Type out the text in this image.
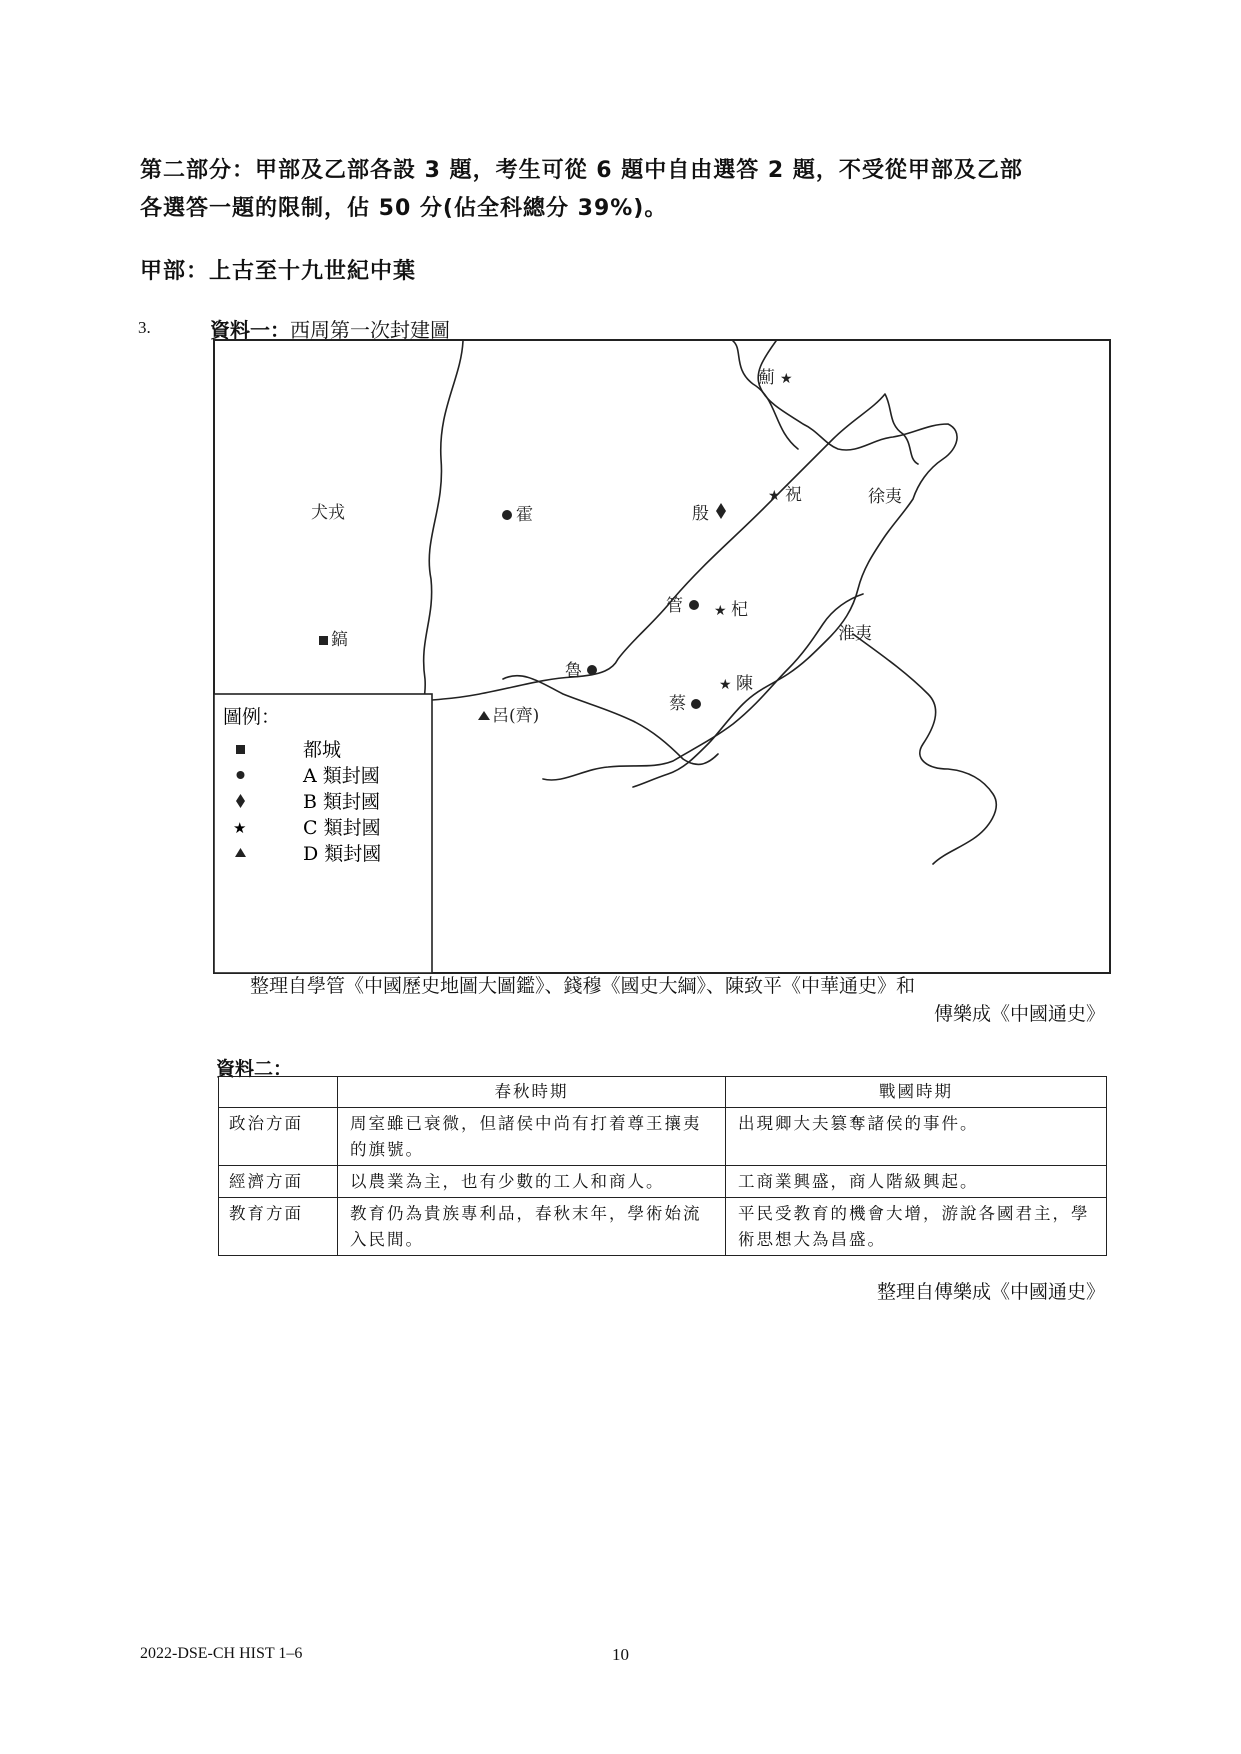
第二部分：甲部及乙部各設 3 題，考生可從 6 題中自由選答 2 題，不受從甲部及乙部
各選答一題的限制，佔 50 分(佔全科總分 39%)。
甲部：上古至十九世紀中葉
3.	資料一：西周第一次封建圖
圖例：
都城
A 類封國
B 類封國
★	C 類封國
D 類封國
薊 ★
霍
犬戎	殷
★ 祝	徐夷
管 ★ 杞
淮夷
鎬
魯
★ 陳
呂(齊)
蔡
整理自學管《中國歷史地圖大圖鑑》、錢穆《國史大綱》、陳致平《中華通史》和
傅樂成《中國通史》
資料二：
	春秋時期	戰國時期
政治方面	周室雖已衰微，但諸侯中尚有打着尊王攘夷的旗號。	出現卿大夫篡奪諸侯的事件。
經濟方面	以農業為主，也有少數的工人和商人。	工商業興盛，商人階級興起。
教育方面	教育仍為貴族專利品，春秋末年，學術始流入民間。	平民受教育的機會大增，游說各國君主，學術思想大為昌盛。
整理自傅樂成《中國通史》
2022-DSE-CH HIST 1–6	10
